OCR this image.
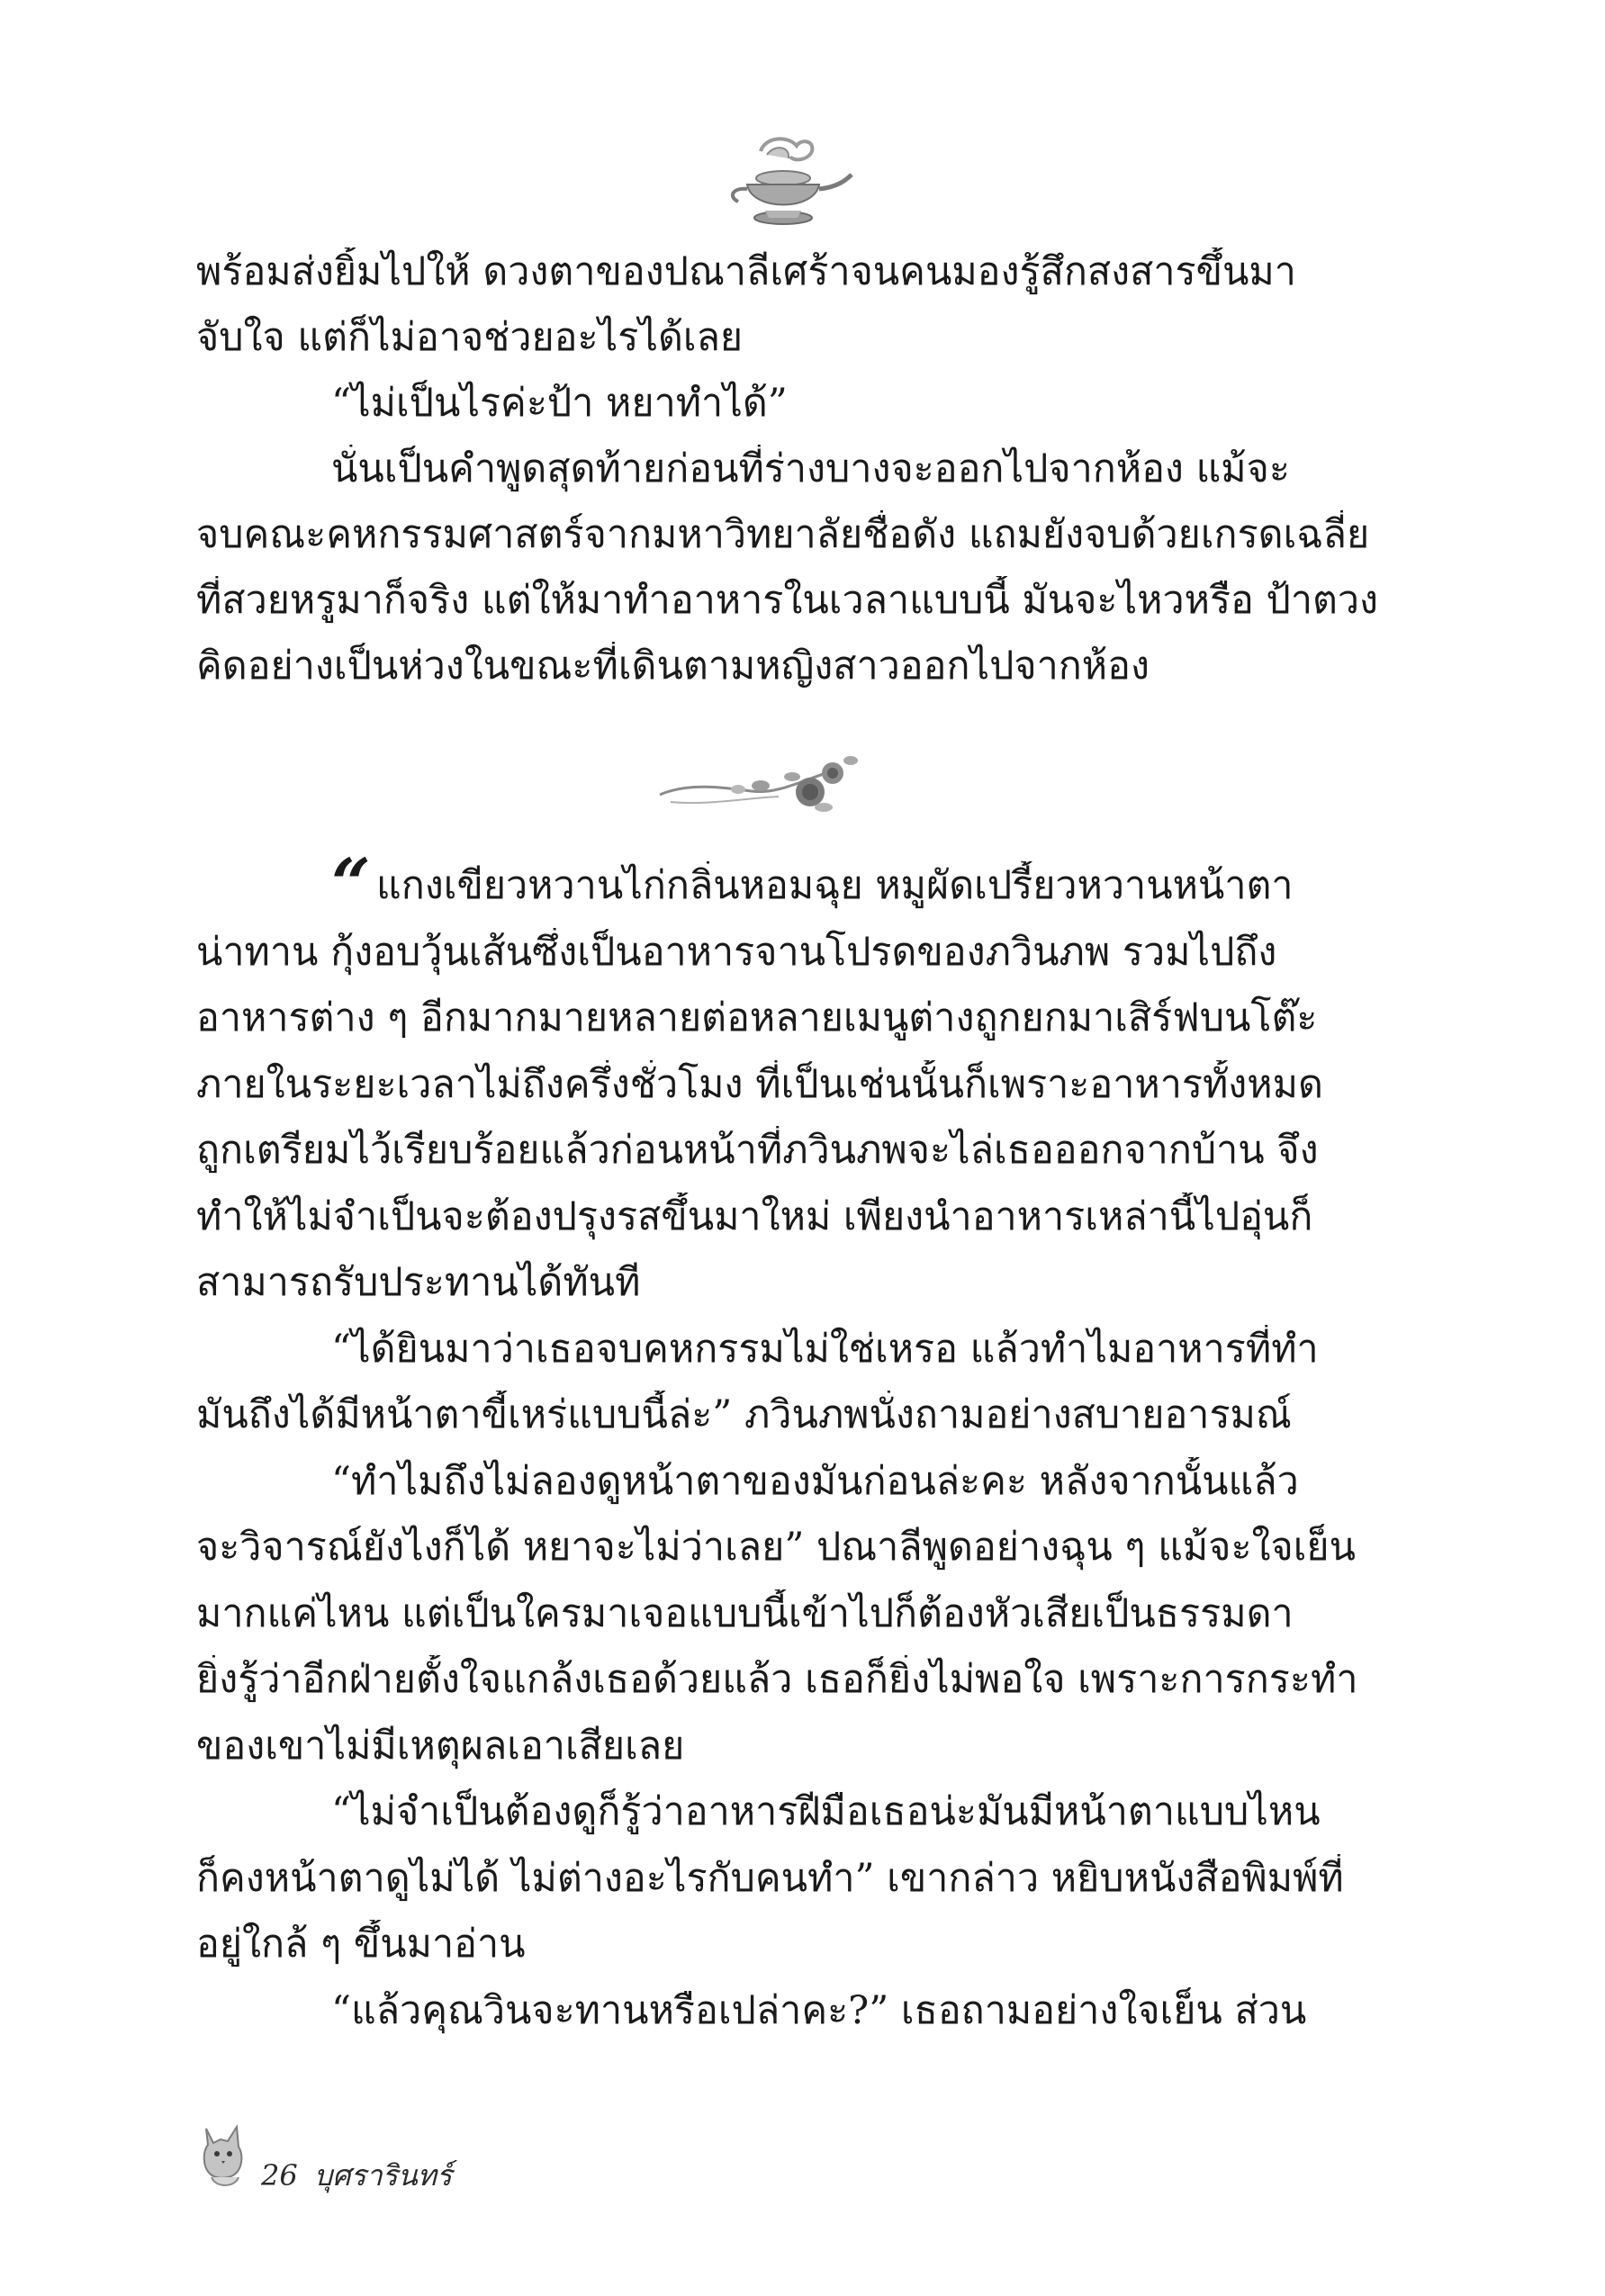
พร้อมส่งยิ้มไปให้ ดวงตาของปณาลีเศร้าจนคนมองรู้สึกสงสารขึ้นมา
จับใจ แต่ก็ไม่อาจช่วยอะไรได้เลย
“ไม่เป็นไรค่ะป้า หยาทำได้”
นั่นเป็นคำพูดสุดท้ายก่อนที่ร่างบางจะออกไปจากห้อง แม้จะ
จบคณะคหกรรมศาสตร์จากมหาวิทยาลัยชื่อดัง แถมยังจบด้วยเกรดเฉลี่ย
ที่สวยหรูมาก็จริง แต่ให้มาทำอาหารในเวลาแบบนี้ มันจะไหวหรือ ป้าตวง
คิดอย่างเป็นห่วงในขณะที่เดินตามหญิงสาวออกไปจากห้อง
“ แกงเขียวหวานไก่กลิ่นหอมฉุย หมูผัดเปรี้ยวหวานหน้าตา
น่าทาน กุ้งอบวุ้นเส้นซึ่งเป็นอาหารจานโปรดของภวินภพ รวมไปถึง
อาหารต่าง ๆ อีกมากมายหลายต่อหลายเมนูต่างถูกยกมาเสิร์ฟบนโต๊ะ
ภายในระยะเวลาไม่ถึงครึ่งชั่วโมง ที่เป็นเช่นนั้นก็เพราะอาหารทั้งหมด
ถูกเตรียมไว้เรียบร้อยแล้วก่อนหน้าที่ภวินภพจะไล่เธอออกจากบ้าน จึง
ทำให้ไม่จำเป็นจะต้องปรุงรสขึ้นมาใหม่ เพียงนำอาหารเหล่านี้ไปอุ่นก็
สามารถรับประทานได้ทันที
“ได้ยินมาว่าเธอจบคหกรรมไม่ใช่เหรอ แล้วทำไมอาหารที่ทำ
มันถึงได้มีหน้าตาขี้เหร่แบบนี้ล่ะ” ภวินภพนั่งถามอย่างสบายอารมณ์
“ทำไมถึงไม่ลองดูหน้าตาของมันก่อนล่ะคะ หลังจากนั้นแล้ว
จะวิจารณ์ยังไงก็ได้ หยาจะไม่ว่าเลย” ปณาลีพูดอย่างฉุน ๆ แม้จะใจเย็น
มากแค่ไหน แต่เป็นใครมาเจอแบบนี้เข้าไปก็ต้องหัวเสียเป็นธรรมดา
ยิ่งรู้ว่าอีกฝ่ายตั้งใจแกล้งเธอด้วยแล้ว เธอก็ยิ่งไม่พอใจ เพราะการกระทำ
ของเขาไม่มีเหตุผลเอาเสียเลย
“ไม่จำเป็นต้องดูก็รู้ว่าอาหารฝีมือเธอน่ะมันมีหน้าตาแบบไหน
ก็คงหน้าตาดูไม่ได้ ไม่ต่างอะไรกับคนทำ” เขากล่าว หยิบหนังสือพิมพ์ที่
อยู่ใกล้ ๆ ขึ้นมาอ่าน
“แล้วคุณวินจะทานหรือเปล่าคะ?” เธอถามอย่างใจเย็น ส่วน
26 บุศรารินทร์
